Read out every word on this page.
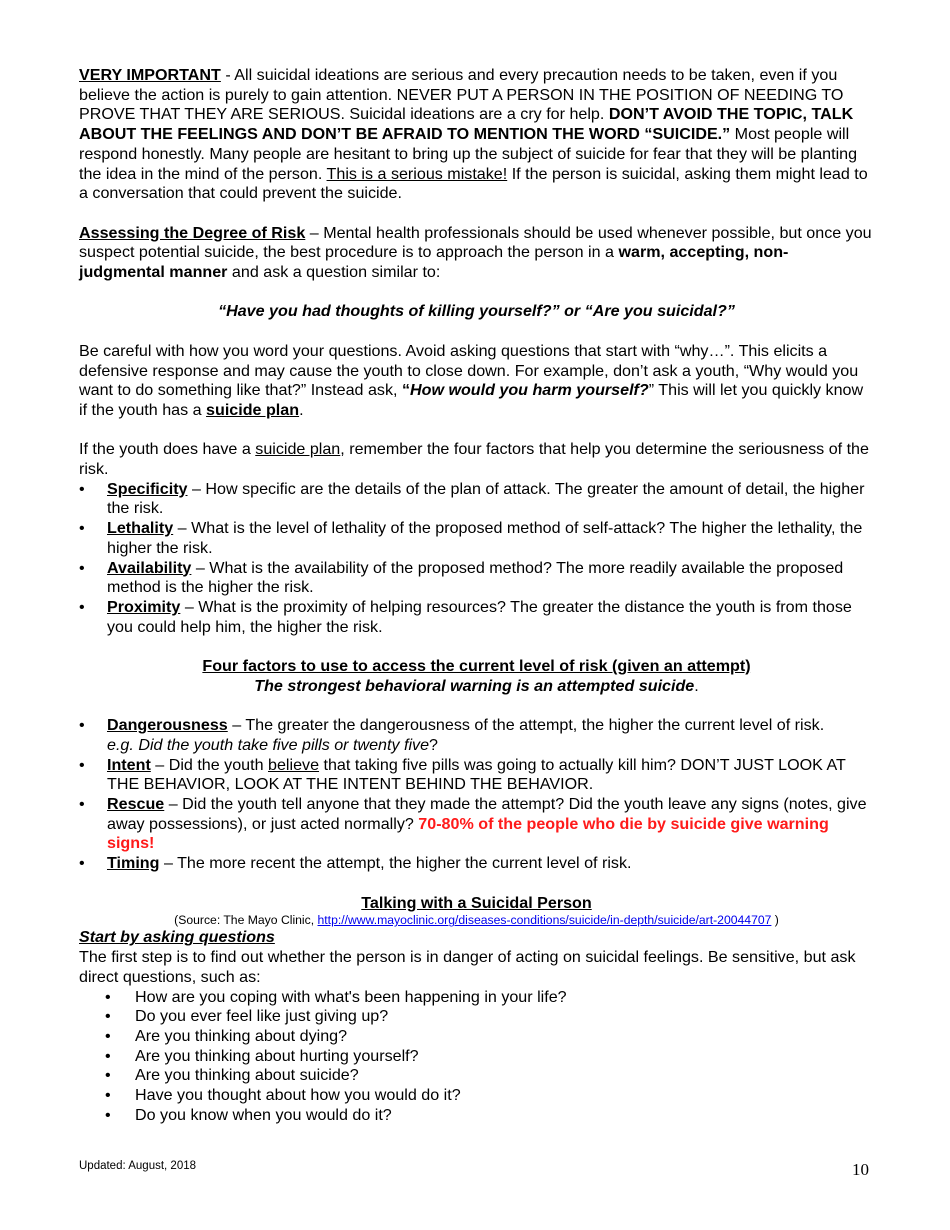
VERY IMPORTANT - All suicidal ideations are serious and every precaution needs to be taken, even if you believe the action is purely to gain attention. NEVER PUT A PERSON IN THE POSITION OF NEEDING TO PROVE THAT THEY ARE SERIOUS. Suicidal ideations are a cry for help. DON’T AVOID THE TOPIC, TALK ABOUT THE FEELINGS AND DON’T BE AFRAID TO MENTION THE WORD “SUICIDE.” Most people will respond honestly. Many people are hesitant to bring up the subject of suicide for fear that they will be planting the idea in the mind of the person. This is a serious mistake! If the person is suicidal, asking them might lead to a conversation that could prevent the suicide.

Assessing the Degree of Risk – Mental health professionals should be used whenever possible, but once you suspect potential suicide, the best procedure is to approach the person in a warm, accepting, non-judgmental manner and ask a question similar to:

“Have you had thoughts of killing yourself?” or “Are you suicidal?”

Be careful with how you word your questions. Avoid asking questions that start with “why…”. This elicits a defensive response and may cause the youth to close down. For example, don’t ask a youth, “Why would you want to do something like that?” Instead ask, “How would you harm yourself?” This will let you quickly know if the youth has a suicide plan.

If the youth does have a suicide plan, remember the four factors that help you determine the seriousness of the risk.

• Specificity – How specific are the details of the plan of attack. The greater the amount of detail, the higher the risk.
• Lethality – What is the level of lethality of the proposed method of self-attack? The higher the lethality, the higher the risk.
• Availability – What is the availability of the proposed method? The more readily available the proposed method is the higher the risk.
• Proximity – What is the proximity of helping resources? The greater the distance the youth is from those you could help him, the higher the risk.

Four factors to use to access the current level of risk (given an attempt)

The strongest behavioral warning is an attempted suicide.

• Dangerousness – The greater the dangerousness of the attempt, the higher the current level of risk.
e.g. Did the youth take five pills or twenty five?
• Intent – Did the youth believe that taking five pills was going to actually kill him? DON’T JUST LOOK AT THE BEHAVIOR, LOOK AT THE INTENT BEHIND THE BEHAVIOR.
• Rescue – Did the youth tell anyone that they made the attempt? Did the youth leave any signs (notes, give away possessions), or just acted normally? 70-80% of the people who die by suicide give warning signs!
• Timing – The more recent the attempt, the higher the current level of risk.

Talking with a Suicidal Person

(Source: The Mayo Clinic, http://www.mayoclinic.org/diseases-conditions/suicide/in-depth/suicide/art-20044707 )

Start by asking questions

The first step is to find out whether the person is in danger of acting on suicidal feelings. Be sensitive, but ask direct questions, such as:

• How are you coping with what's been happening in your life?
• Do you ever feel like just giving up?
• Are you thinking about dying?
• Are you thinking about hurting yourself?
• Are you thinking about suicide?
• Have you thought about how you would do it?
• Do you know when you would do it?
Updated: August, 2018	10
